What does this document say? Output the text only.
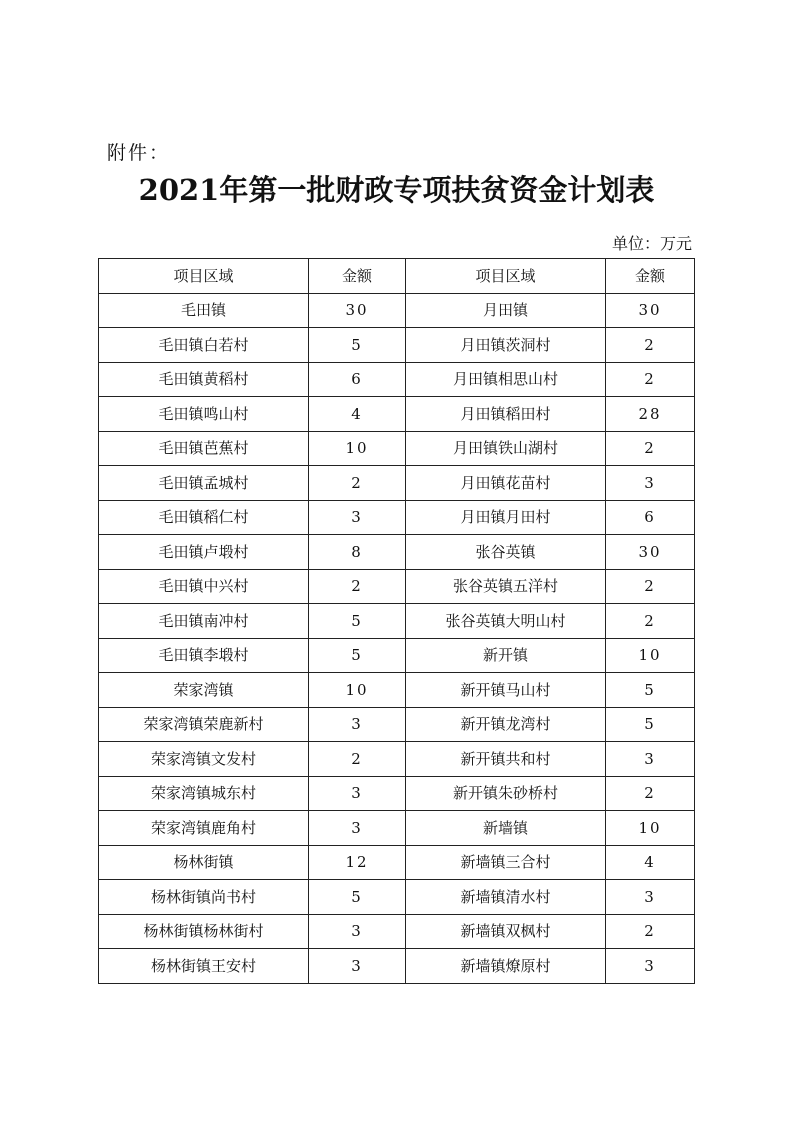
附件：
2021年第一批财政专项扶贫资金计划表
单位：万元
项目区域	金额	项目区域	金额
毛田镇	30	月田镇	30
毛田镇白若村	5	月田镇茨洞村	2
毛田镇黄稻村	6	月田镇相思山村	2
毛田镇鸣山村	4	月田镇稻田村	28
毛田镇芭蕉村	10	月田镇铁山湖村	2
毛田镇孟城村	2	月田镇花苗村	3
毛田镇稻仁村	3	月田镇月田村	6
毛田镇卢塅村	8	张谷英镇	30
毛田镇中兴村	2	张谷英镇五洋村	2
毛田镇南冲村	5	张谷英镇大明山村	2
毛田镇李塅村	5	新开镇	10
荣家湾镇	10	新开镇马山村	5
荣家湾镇荣鹿新村	3	新开镇龙湾村	5
荣家湾镇文发村	2	新开镇共和村	3
荣家湾镇城东村	3	新开镇朱砂桥村	2
荣家湾镇鹿角村	3	新墙镇	10
杨林街镇	12	新墙镇三合村	4
杨林街镇尚书村	5	新墙镇清水村	3
杨林街镇杨林街村	3	新墙镇双枫村	2
杨林街镇王安村	3	新墙镇燎原村	3
